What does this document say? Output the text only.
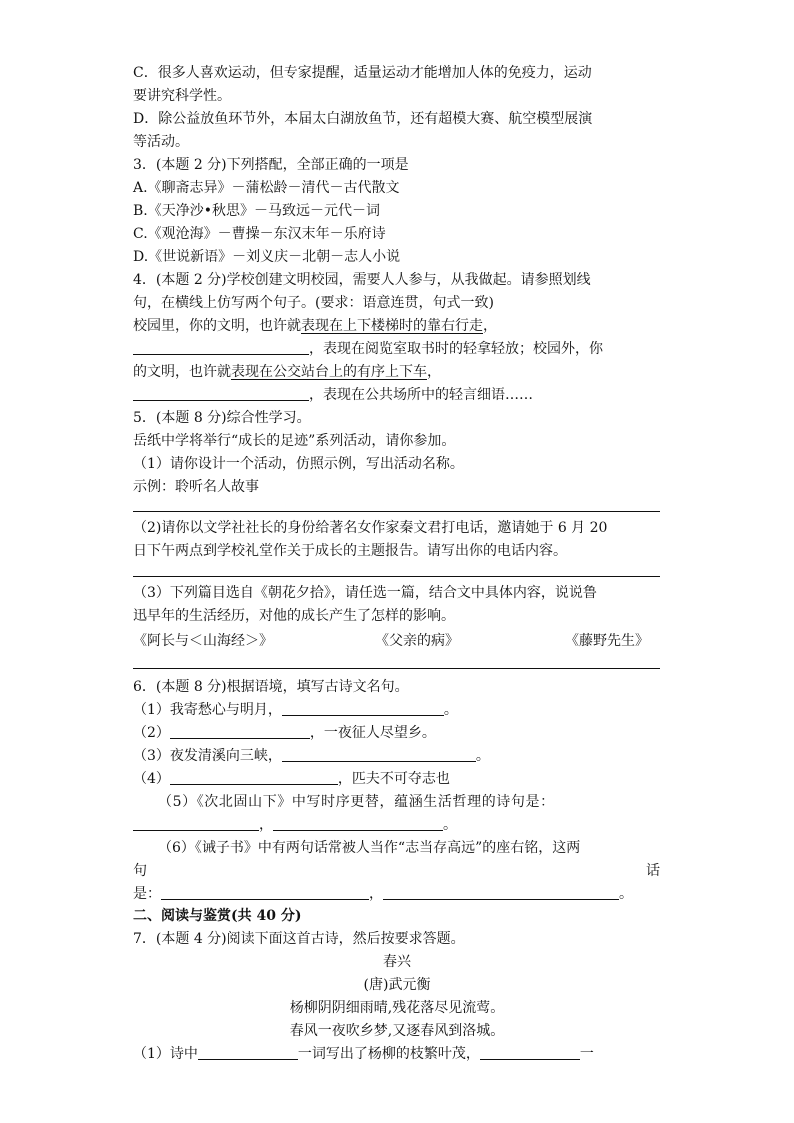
C．很多人喜欢运动，但专家提醒，适量运动才能增加人体的免疫力，运动
要讲究科学性。
D．除公益放鱼环节外，本届太白湖放鱼节，还有超模大赛、航空模型展演
等活动。
3．(本题 2 分)下列搭配，全部正确的一项是
A.《聊斋志异》－蒲松龄－清代－古代散文
B.《天净沙•秋思》－马致远－元代－词
C.《观沧海》－曹操－东汉末年－乐府诗
D.《世说新语》－刘义庆－北朝－志人小说
4．(本题 2 分)学校创建文明校园，需要人人参与，从我做起。请参照划线
句，在横线上仿写两个句子。(要求：语意连贯，句式一致)
校园里，你的文明，也许就表现在上下楼梯时的靠右行走，
，表现在阅览室取书时的轻拿轻放；校园外，你
的文明，也许就表现在公交站台上的有序上下车，
，表现在公共场所中的轻言细语……
5．(本题 8 分)综合性学习。
岳纸中学将举行“成长的足迹”系列活动，请你参加。
（1）请你设计一个活动，仿照示例，写出活动名称。
示例：聆听名人故事
（2)请你以文学社社长的身份给著名女作家秦文君打电话，邀请她于 6 月 20
日下午两点到学校礼堂作关于成长的主题报告。请写出你的电话内容。
（3）下列篇目选自《朝花夕拾》，请任选一篇，结合文中具体内容，说说鲁
迅早年的生活经历，对他的成长产生了怎样的影响。
《阿长与＜山海经＞》	《父亲的病》	《藤野先生》
6．(本题 8 分)根据语境，填写古诗文名句。
（1）我寄愁心与明月，	。
（2）	，一夜征人尽望乡。
（3）夜发清溪向三峡，	。
（4）	，匹夫不可夺志也
（5）《次北固山下》中写时序更替，蕴涵生活哲理的诗句是：
，	。
（6）《诫子书》中有两句话常被人当作“志当存高远”的座右铭，这两
句	话
是：	，	。
二、阅读与鉴赏(共 40 分)
7．(本题 4 分)阅读下面这首古诗，然后按要求答题。
春兴
(唐)武元衡
杨柳阴阴细雨晴,残花落尽见流莺。
春风一夜吹乡梦,又逐春风到洛城。
（1）诗中	一词写出了杨柳的枝繁叶茂，	一
